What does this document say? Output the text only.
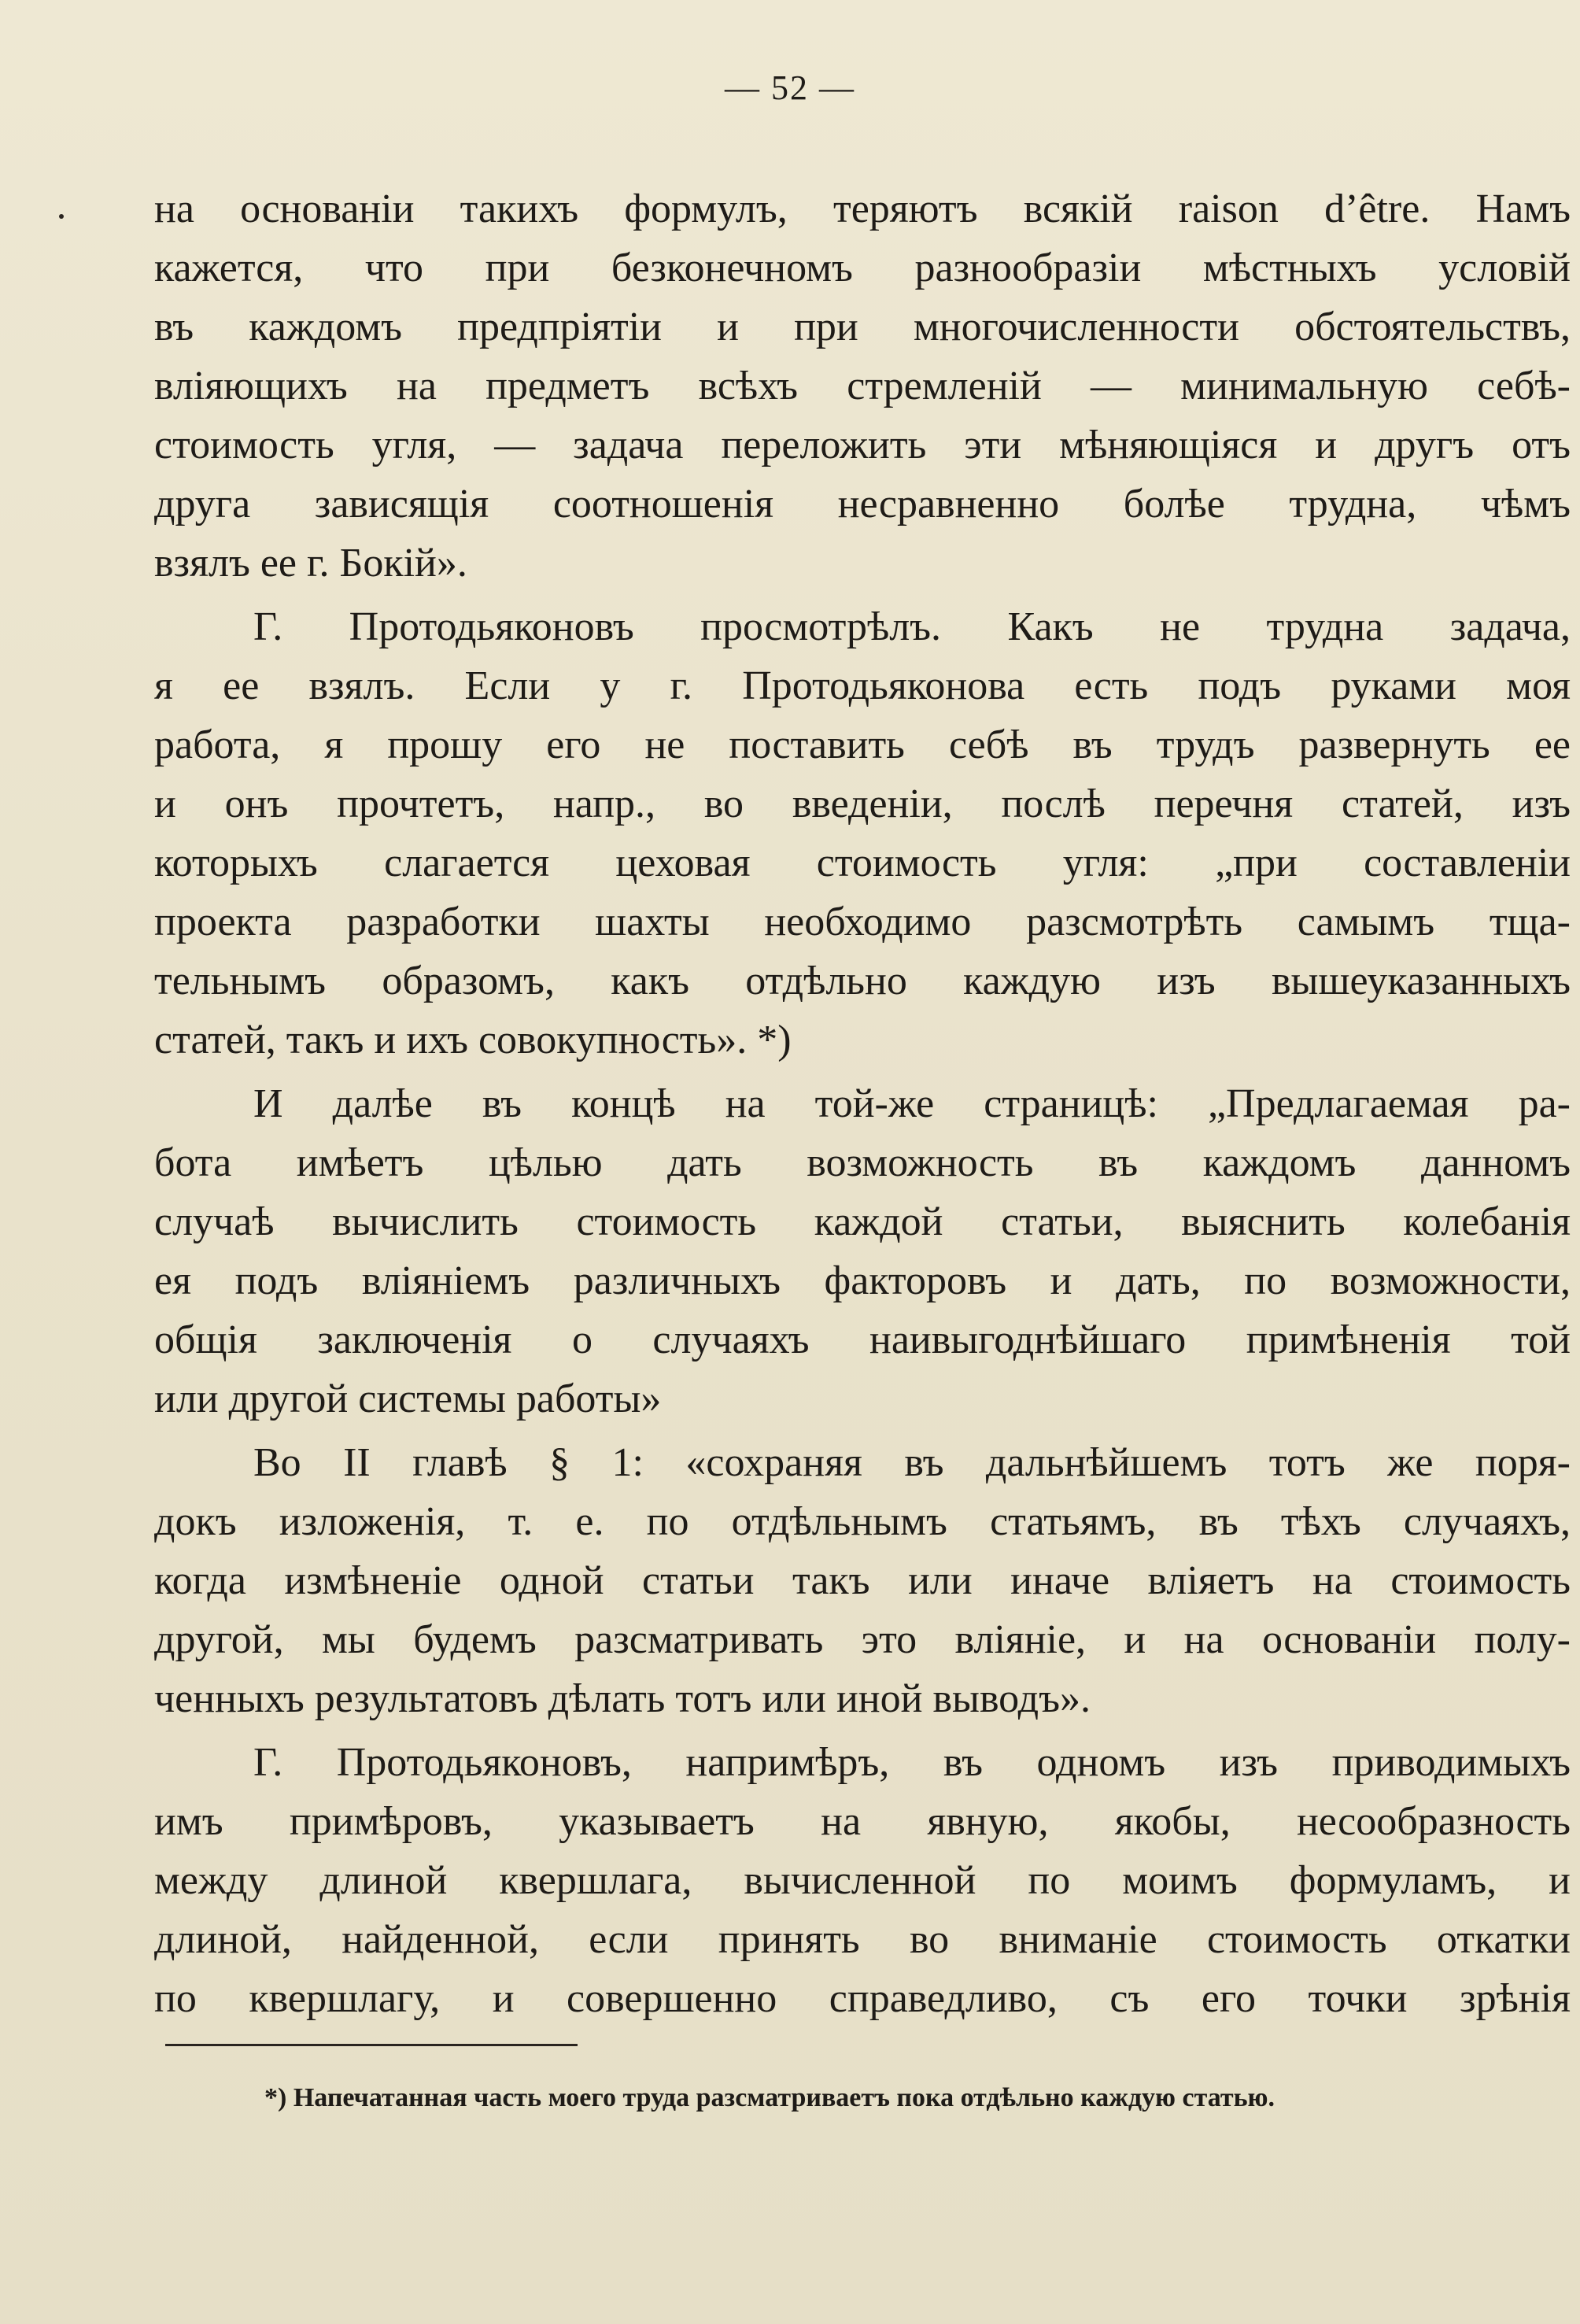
— 52 —
на основаніи такихъ формулъ, теряютъ всякій raison d’être. Намъ
кажется, что при безконечномъ разнообразіи мѣстныхъ условій
въ каждомъ предпріятіи и при многочисленности обстоятельствъ,
вліяющихъ на предметъ всѣхъ стремленій — минимальную себѣ-
стоимость угля, — задача переложить эти мѣняющіяся и другъ отъ
друга зависящія соотношенія несравненно болѣе трудна, чѣмъ
взялъ ее г. Бокій».
Г. Протодьяконовъ просмотрѣлъ. Какъ не трудна задача,
я ее взялъ. Если у г. Протодьяконова есть подъ руками моя
работа, я прошу его не поставить себѣ въ трудъ развернуть ее
и онъ прочтетъ, напр., во введеніи, послѣ перечня статей, изъ
которыхъ слагается цеховая стоимость угля: „при составленіи
проекта разработки шахты необходимо разсмотрѣть самымъ тща-
тельнымъ образомъ, какъ отдѣльно каждую изъ вышеуказанныхъ
статей, такъ и ихъ совокупность». *)
И далѣе въ концѣ на той-же страницѣ: „Предлагаемая ра-
бота имѣетъ цѣлью дать возможность въ каждомъ данномъ
случаѣ вычислить стоимость каждой статьи, выяснить колебанія
ея подъ вліяніемъ различныхъ факторовъ и дать, по возможности,
общія заключенія о случаяхъ наивыгоднѣйшаго примѣненія той
или другой системы работы»
Во II главѣ § 1: «сохраняя въ дальнѣйшемъ тотъ же поря-
докъ изложенія, т. е. по отдѣльнымъ статьямъ, въ тѣхъ случаяхъ,
когда измѣненіе одной статьи такъ или иначе вліяетъ на стоимость
другой, мы будемъ разсматривать это вліяніе, и на основаніи полу-
ченныхъ результатовъ дѣлать тотъ или иной выводъ».
Г. Протодьяконовъ, напримѣръ, въ одномъ изъ приводимыхъ
имъ примѣровъ, указываетъ на явную, якобы, несообразность
между длиной квершлага, вычисленной по моимъ формуламъ, и
длиной, найденной, если принять во вниманіе стоимость откатки
по квершлагу, и совершенно справедливо, съ его точки зрѣнія
*) Напечатанная часть моего труда разсматриваетъ пока отдѣльно каждую статью.
